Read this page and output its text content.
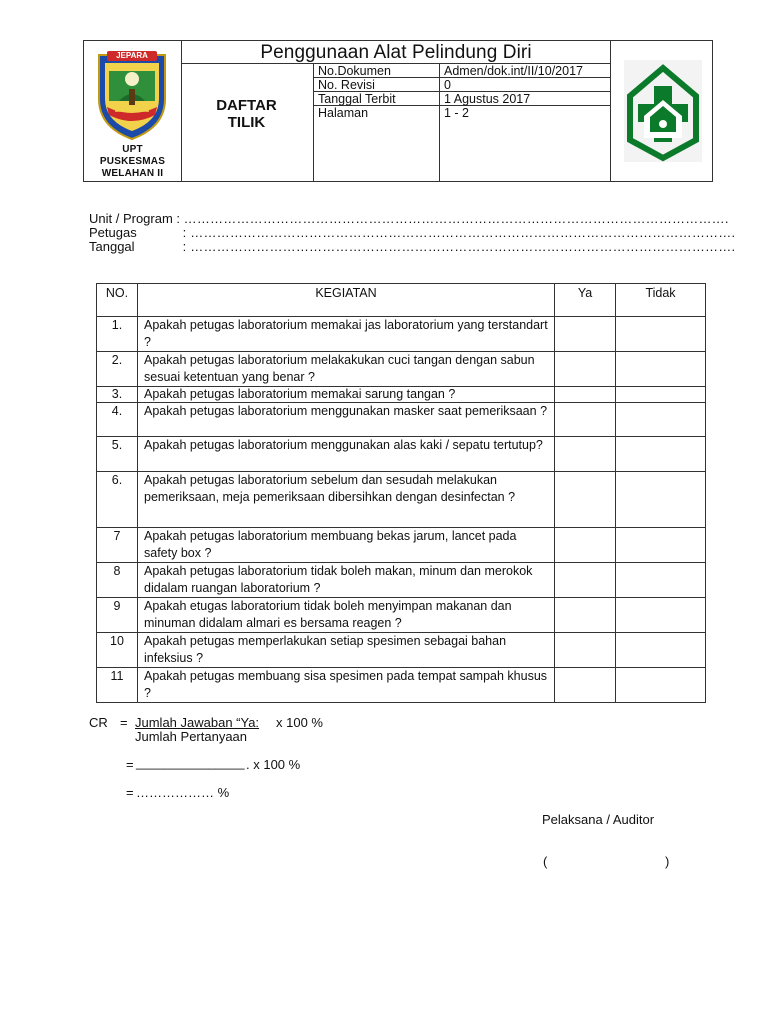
JEPARA
UPT
PUSKESMAS
WELAHAN II
Penggunaan Alat Pelindung Diri
DAFTAR
TILIK
No.Dokumen	Admen/dok.int/II/10/2017
No. Revisi	0
Tanggal Terbit	1 Agustus 2017
Halaman	1 - 2
Unit / Program : …………………………………………………………………………………………………………….
Petugas	: …………………………………………………………………………………………………………….
Tanggal	: …………………………………………………………………………………………………………….
NO.	KEGIATAN	Ya	Tidak
1.	Apakah petugas laboratorium memakai jas laboratorium yang terstandart ?		
2.	Apakah petugas laboratorium melakakukan cuci tangan dengan sabun sesuai ketentuan yang benar ?		
3.	Apakah petugas laboratorium memakai sarung tangan ?		
4.	Apakah petugas laboratorium menggunakan masker saat pemeriksaan ?		
5.	Apakah petugas laboratorium menggunakan alas kaki / sepatu tertutup?		
6.	Apakah petugas laboratorium sebelum dan sesudah melakukan pemeriksaan, meja pemeriksaan dibersihkan dengan desinfectan ?		
7	Apakah petugas laboratorium membuang bekas jarum, lancet pada safety box ?		
8	Apakah petugas laboratorium tidak boleh makan, minum dan merokok didalam ruangan laboratorium ?		
9	Apakah etugas laboratorium tidak boleh menyimpan makanan dan minuman didalam almari es bersama reagen ?		
10	Apakah petugas memperlakukan setiap spesimen sebagai bahan infeksius ?		
11	Apakah petugas membuang sisa spesimen pada tempat sampah khusus ?		
CR = Jumlah Jawaban “Ya: x 100 %
Jumlah Pertanyaan
= _______________ . x 100 %
= ……………… %
Pelaksana / Auditor
(	)
